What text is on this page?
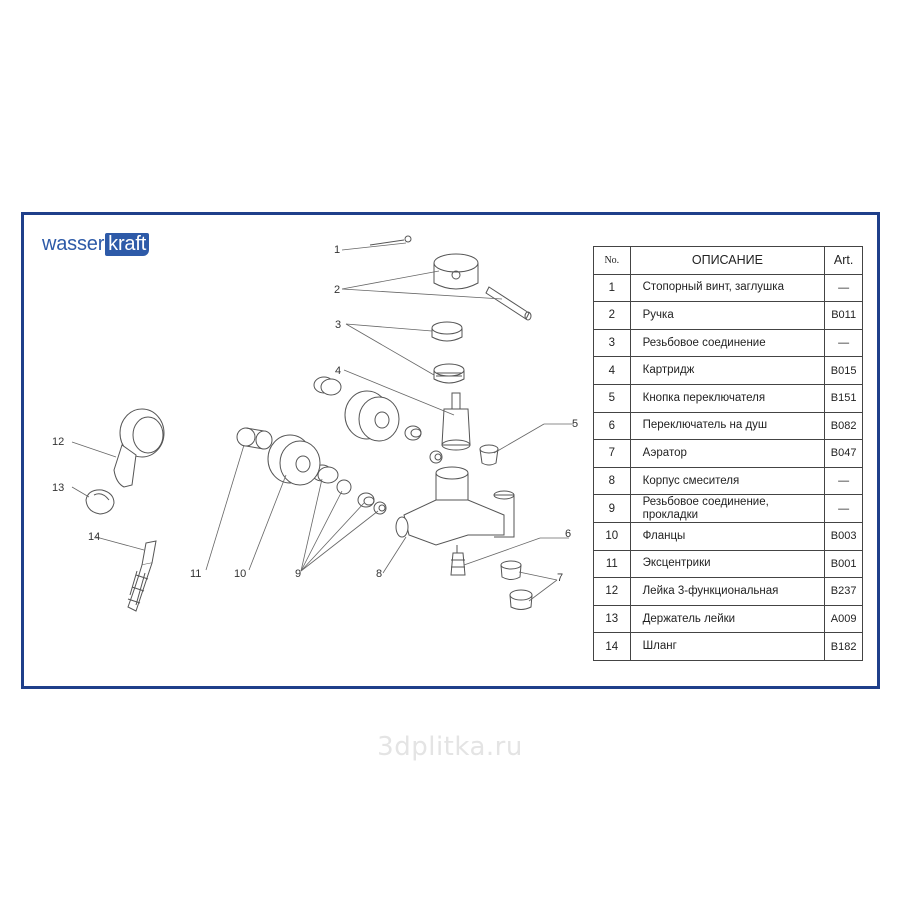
wasser kraft	1
2
3
4
5
6
7
8
9
10
11
12
13
14
No.	ОПИСАНИЕ	Art.
1	Стопорный винт, заглушка	—
2	Ручка	B011
3	Резьбовое соединение	—
4	Картридж	B015
5	Кнопка переключателя	B151
6	Переключатель на душ	B082
7	Аэратор	B047
8	Корпус смесителя	—
9	Резьбовое соединение, прокладки	—
10	Фланцы	B003
11	Эксцентрики	B001
12	Лейка 3-функциональная	B237
13	Держатель лейки	A009
14	Шланг	B182
3dplitka.ru
